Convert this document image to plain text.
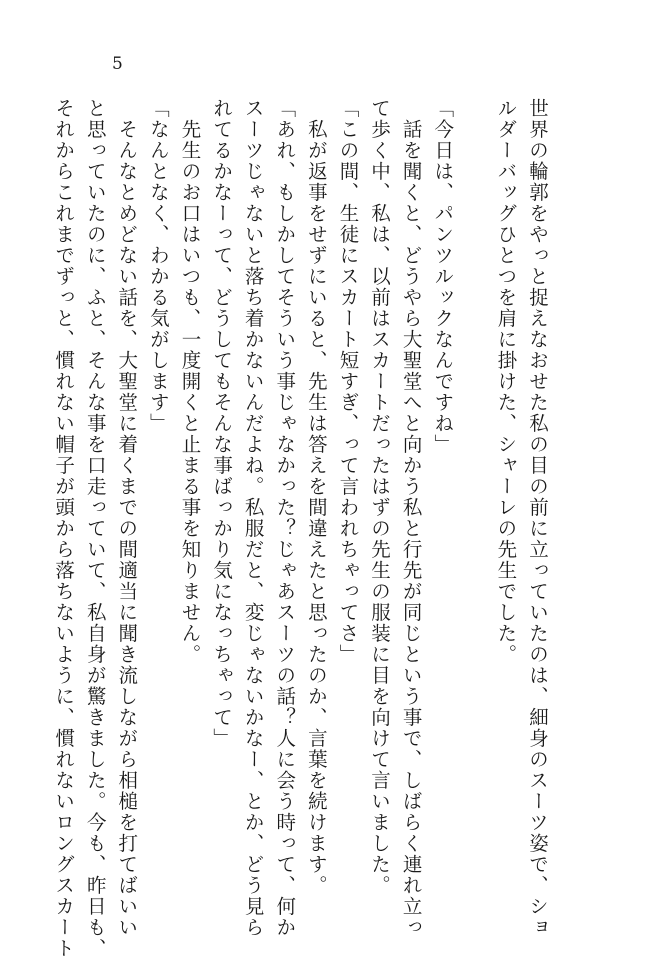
5
世界の輪郭をやっと捉えなおせた私の目の前に立っていたのは、細身のスーツ姿で、ショ
ルダーバッグひとつを肩に掛けた、シャーレの先生でした。

「今日は、パンツルックなんですね」
　話を聞くと、どうやら大聖堂へと向かう私と行先が同じという事で、しばらく連れ立っ
て歩く中、私は、以前はスカートだったはずの先生の服装に目を向けて言いました。
「この間、生徒にスカート短すぎ、って言われちゃってさ」
　私が返事をせずにいると、先生は答えを間違えたと思ったのか、言葉を続けます。
「あれ、もしかしてそういう事じゃなかった？じゃあスーツの話？人に会う時って、何か
スーツじゃないと落ち着かないんだよね。私服だと、変じゃないかなー、とか、どう見ら
れてるかなーって、どうしてもそんな事ばっかり気になっちゃって」
　先生のお口はいつも、一度開くと止まる事を知りません。
「なんとなく、わかる気がします」
　そんなとめどない話を、大聖堂に着くまでの間適当に聞き流しながら相槌を打てばいい
と思っていたのに、ふと、そんな事を口走っていて、私自身が驚きました。今も、昨日も、
それからこれまでずっと、慣れない帽子が頭から落ちないように、慣れないロングスカート
